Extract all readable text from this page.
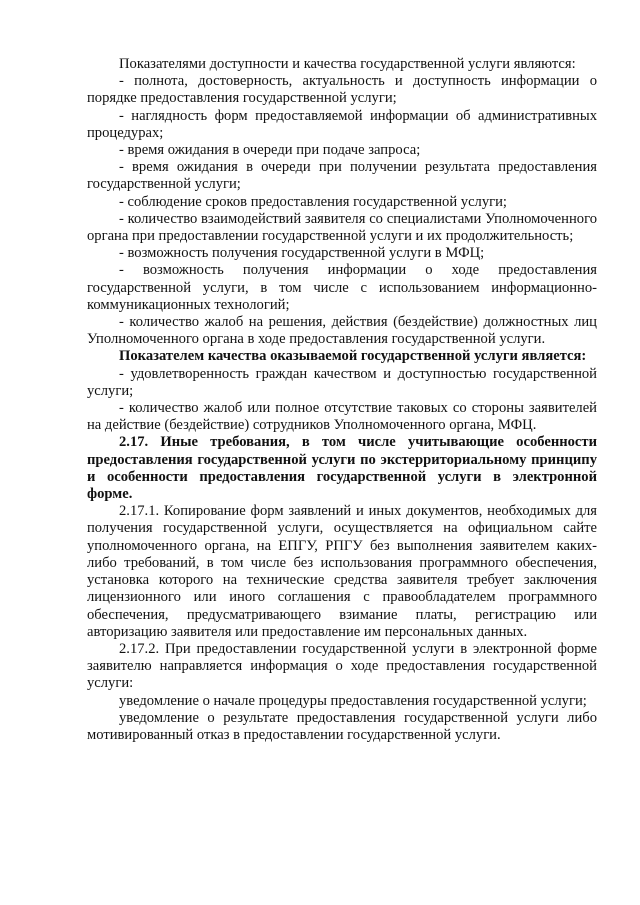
Показателями доступности и качества государственной услуги являются:

- полнота, достоверность, актуальность и доступность информации о порядке предоставления государственной услуги;

- наглядность форм предоставляемой информации об административных процедурах;

- время ожидания в очереди при подаче запроса;

- время ожидания в очереди при получении результата предоставления государственной услуги;

- соблюдение сроков предоставления государственной услуги;

- количество взаимодействий заявителя со специалистами Уполномоченного органа при предоставлении государственной услуги и их продолжительность;

- возможность получения государственной услуги в МФЦ;

- возможность получения информации о ходе предоставления государственной услуги, в том числе с использованием информационно-коммуникационных технологий;

- количество жалоб на решения, действия (бездействие) должностных лиц Уполномоченного органа в ходе предоставления государственной услуги.

Показателем качества оказываемой государственной услуги является:

- удовлетворенность граждан качеством и доступностью государственной услуги;

- количество жалоб или полное отсутствие таковых со стороны заявителей на действие (бездействие) сотрудников Уполномоченного органа, МФЦ.

2.17. Иные требования, в том числе учитывающие особенности предоставления государственной услуги по экстерриториальному принципу и особенности предоставления государственной услуги в электронной форме.

2.17.1. Копирование форм заявлений и иных документов, необходимых для получения государственной услуги, осуществляется на официальном сайте уполномоченного органа, на ЕПГУ, РПГУ без выполнения заявителем каких-либо требований, в том числе без использования программного обеспечения, установка которого на технические средства заявителя требует заключения лицензионного или иного соглашения с правообладателем программного обеспечения, предусматривающего взимание платы, регистрацию или авторизацию заявителя или предоставление им персональных данных.

2.17.2. При предоставлении государственной услуги в электронной форме заявителю направляется информация о ходе предоставления государственной услуги:

уведомление о начале процедуры предоставления государственной услуги;

уведомление о результате предоставления государственной услуги либо мотивированный отказ в предоставлении государственной услуги.
